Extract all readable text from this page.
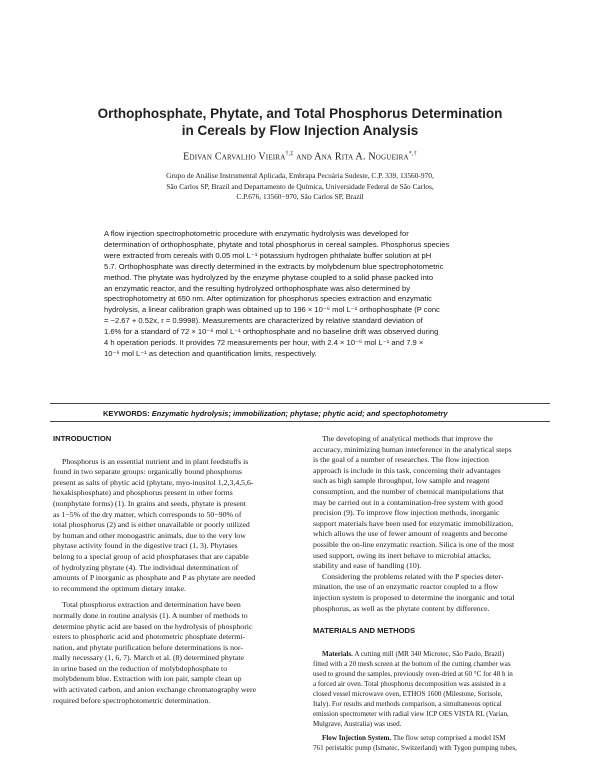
Orthophosphate, Phytate, and Total Phosphorus Determination
in Cereals by Flow Injection Analysis
Edivan Carvalho Vieira†,‡ and Ana Rita A. Nogueira*,†
Grupo de Análise Instrumental Aplicada, Embrapa Pecuária Sudeste, C.P. 339, 13560-970,
São Carlos SP, Brazil and Departamento de Química, Universidade Federal de São Carlos,
C.P.676, 13560−970, São Carlos SP, Brazil
A flow injection spectrophotometric procedure with enzymatic hydrolysis was developed for
determination of orthophosphate, phytate and total phosphorus in cereal samples. Phosphorus species
were extracted from cereals with 0.05 mol L⁻¹ potassium hydrogen phthalate buffer solution at pH
5.7. Orthophosphate was directly determined in the extracts by molybdenum blue spectrophotometric
method. The phytate was hydrolyzed by the enzyme phytase coupled to a solid phase packed into
an enzymatic reactor, and the resulting hydrolyzed orthophosphate was also determined by
spectrophotometry at 650 nm. After optimization for phosphorus species extraction and enzymatic
hydrolysis, a linear calibration graph was obtained up to 196 × 10⁻⁶ mol L⁻¹ orthophosphate (P conc
= −2.67 + 0.52x, r = 0.9998). Measurements are characterized by relative standard deviation of
1.6% for a standard of 72 × 10⁻⁶ mol L⁻¹ orthophosphate and no baseline drift was observed during
4 h operation periods. It provides 72 measurements per hour, with 2.4 × 10⁻⁶ mol L⁻¹ and 7.9 ×
10⁻⁶ mol L⁻¹ as detection and quantification limits, respectively.
KEYWORDS: Enzymatic hydrolysis; immobilization; phytase; phytic acid; and spectophotometry
INTRODUCTION
Phosphorus is an essential nutrient and in plant feedstuffs is
found in two separate groups: organically bound phosphorus
present as salts of phytic acid (phytate, myo-inositol 1,2,3,4,5,6-
hexakisphosphate) and phosphorus present in other forms
(nonphytate forms) (1). In grains and seeds, phytate is present
as 1−5% of the dry matter, which corresponds to 50−90% of
total phosphorus (2) and is either unavailable or poorly utilized
by human and other monogastric animals, due to the very low
phytase activity found in the digestive tract (1, 3). Phytases
belong to a special group of acid phosphatases that are capable
of hydrolyzing phytate (4). The individual determination of
amounts of P inorganic as phosphate and P as phytate are needed
to recommend the optimum dietary intake.
Total phosphorus extraction and determination have been
normally done in routine analysis (1). A number of methods to
determine phytic acid are based on the hydrolysis of phosphoric
esters to phosphoric acid and photometric phosphate determi-
nation, and phytate purification before determinations is nor-
mally necessary (1, 6, 7). March et al. (8) determined phytate
in urine based on the reduction of molybdophosphate to
molybdenum blue. Extraction with ion pair, sample clean up
with activated carbon, and anion exchange chromatography were
required before spectrophotometric determination.
The developing of analytical methods that improve the
accuracy, minimizing human interference in the analytical steps
is the goal of a number of researches. The flow injection
approach is include in this task, concerning their advantages
such as high sample throughput, low sample and reagent
consumption, and the number of chemical manipulations that
may be carried out in a contamination-free system with good
precision (9). To improve flow injection methods, inorganic
support materials have been used for enzymatic immobilization,
which allows the use of fewer amount of reagents and become
possible the on-line enzymatic reaction. Silica is one of the most
used support, owing its inert behave to microbial attacks,
stability and ease of handling (10).
Considering the problems related with the P species deter-
mination, the use of an enzymatic reactor coupled to a flow
injection system is proposed to determine the inorganic and total
phosphorus, as well as the phytate content by difference.
MATERIALS AND METHODS
Materials. A cutting mill (MR 340 Microtec, São Paulo, Brazil)
fitted with a 20 mesh screen at the bottom of the cutting chamber was
used to ground the samples, previously oven-dried at 60 °C for 48 h in
a forced air oven. Total phosphorus decomposition was assisted in a
closed vessel microwave oven, ETHOS 1600 (Milestone, Sorisole,
Italy). For results and methods comparison, a simultaneous optical
emission spectrometer with radial view ICP OES VISTA RL (Varian,
Mulgrave, Australia) was used.
Flow Injection System. The flow setup comprised a model ISM
761 peristaltic pump (Ismatec, Switzerland) with Tygon pumping tubes,
